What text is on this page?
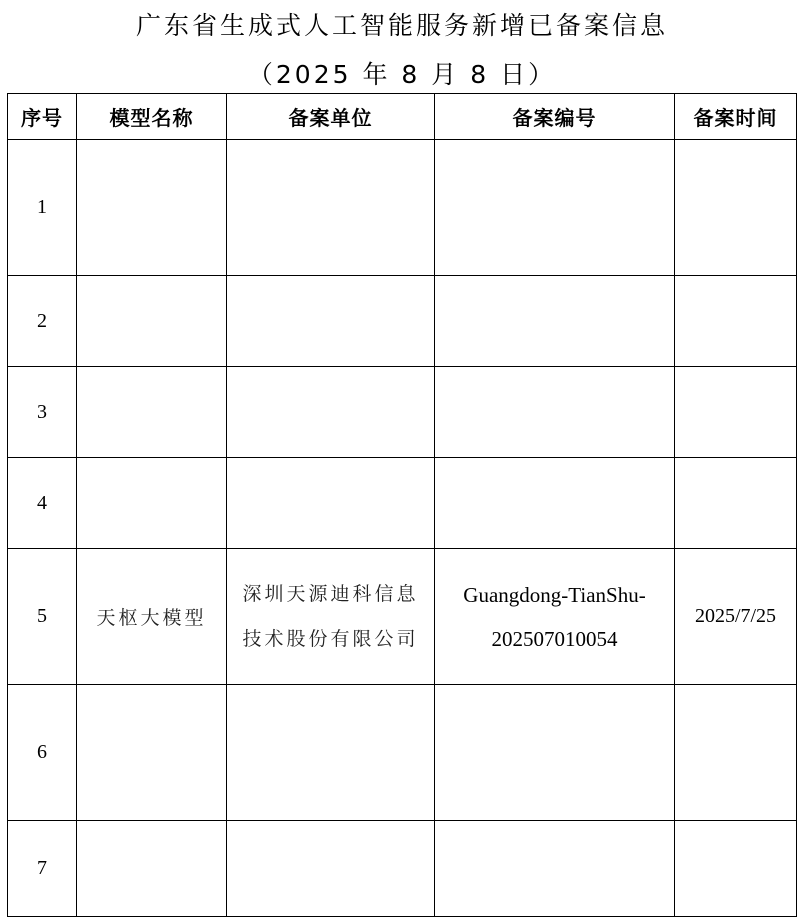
广东省生成式人工智能服务新增已备案信息
（2025 年 8 月 8 日）
序号	模型名称	备案单位	备案编号	备案时间
1				
2				
3				
4				
5	天枢大模型	深圳天源迪科信息技术股份有限公司	Guangdong-TianShu-202507010054	2025/7/25
6				
7				
